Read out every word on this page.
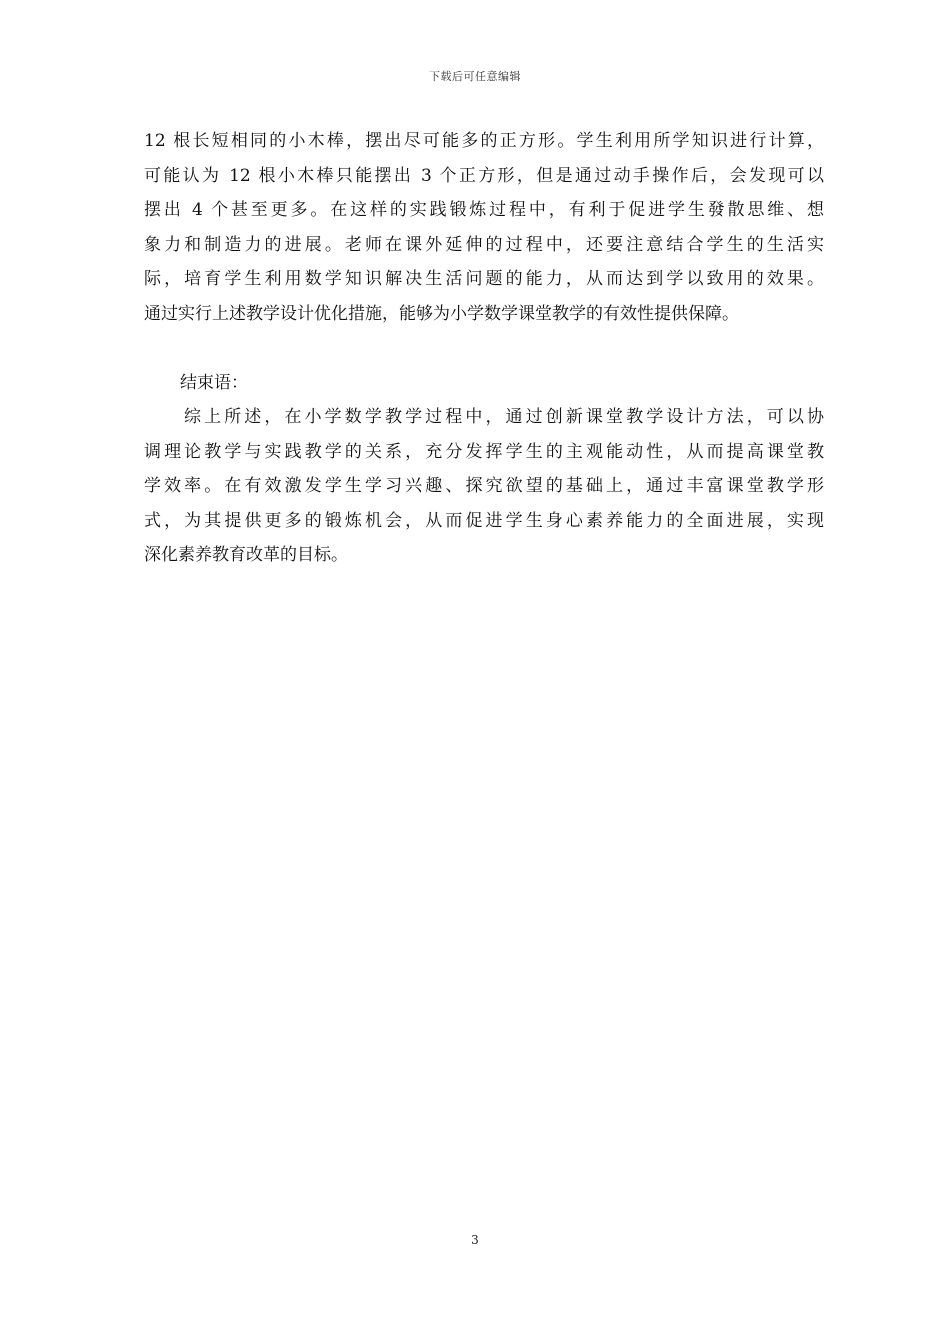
下载后可任意编辑
12 根长短相同的小木棒，摆出尽可能多的正方形。学生利用所学知识进行计算，
可能认为 12 根小木棒只能摆出 3 个正方形，但是通过动手操作后，会发现可以
摆出 4 个甚至更多。在这样的实践锻炼过程中，有利于促进学生發散思维、想
象力和制造力的进展。老师在课外延伸的过程中，还要注意结合学生的生活实
际，培育学生利用数学知识解决生活问题的能力，从而达到学以致用的效果。
通过实行上述教学设计优化措施，能够为小学数学课堂教学的有效性提供保障。
结束语：
综上所述，在小学数学教学过程中，通过创新课堂教学设计方法，可以协
调理论教学与实践教学的关系，充分发挥学生的主观能动性，从而提高课堂教
学效率。在有效激发学生学习兴趣、探究欲望的基础上，通过丰富课堂教学形
式，为其提供更多的锻炼机会，从而促进学生身心素养能力的全面进展，实现
深化素养教育改革的目标。
3
